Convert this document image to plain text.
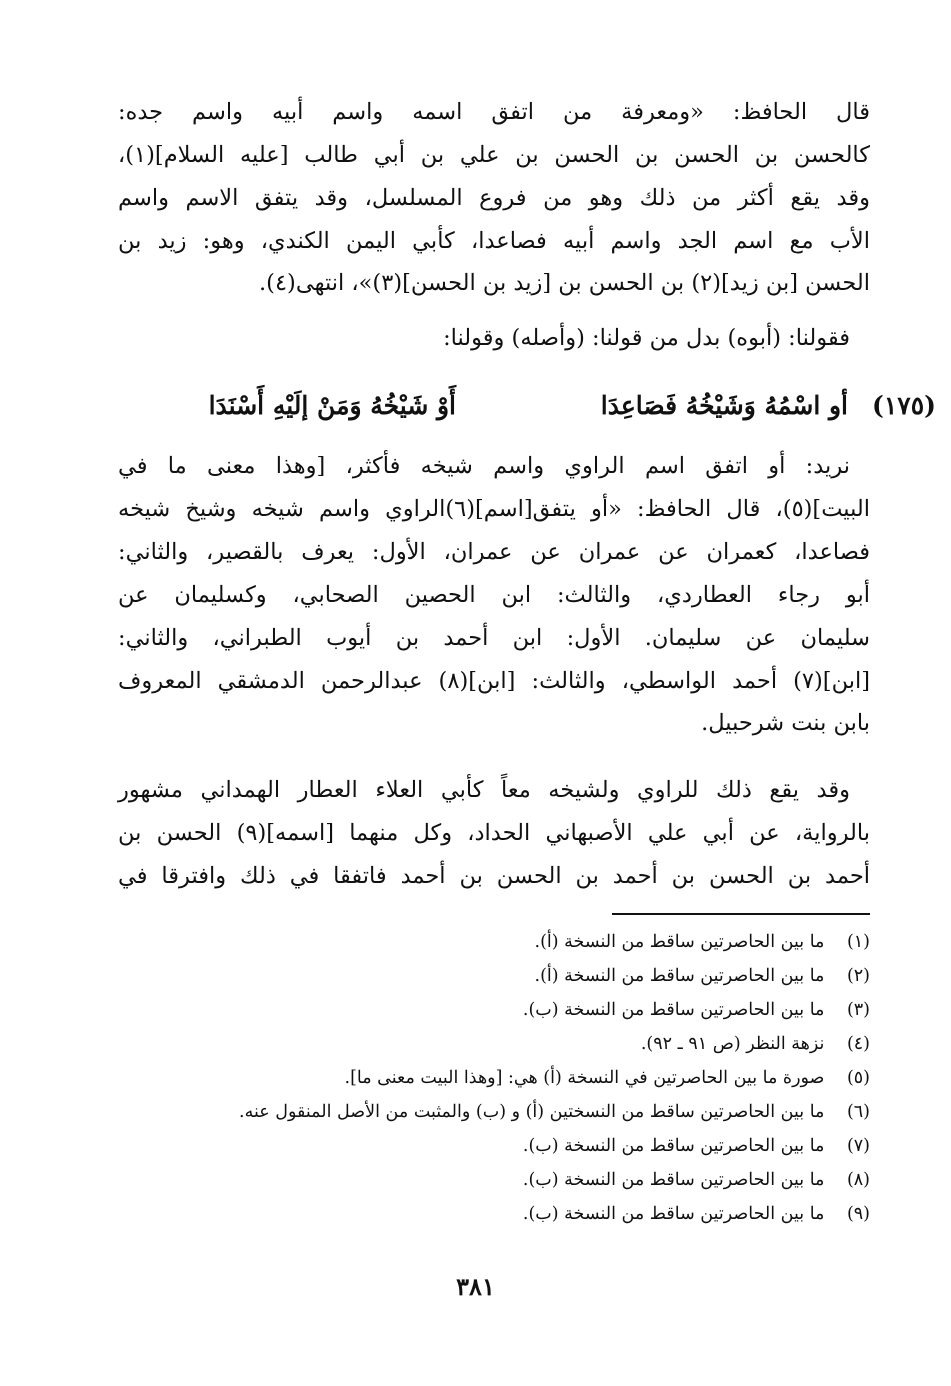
قال الحافظ: «ومعرفة من اتفق اسمه واسم أبيه واسم جده:
كالحسن بن الحسن بن الحسن بن علي بن أبي طالب [عليه السلام](١)،
وقد يقع أكثر من ذلك وهو من فروع المسلسل، وقد يتفق الاسم واسم
الأب مع اسم الجد واسم أبيه فصاعدا، كأبي اليمن الكندي، وهو: زيد بن
الحسن [بن زيد](٢) بن الحسن بن [زيد بن الحسن](٣)»، انتهى(٤).
فقولنا: (أبوه) بدل من قولنا: (وأصله) وقولنا:
(١٧٥)
أو اسْمُهُ وَشَيْخُهُ فَصَاعِدَا
أَوْ شَيْخُهُ وَمَنْ إلَيْهِ أَسْنَدَا
نريد: أو اتفق اسم الراوي واسم شيخه فأكثر، [وهذا معنى ما في
البيت](٥)، قال الحافظ: «أو يتفق[اسم](٦)الراوي واسم شيخه وشيخ شيخه
فصاعدا، كعمران عن عمران عن عمران، الأول: يعرف بالقصير، والثاني:
أبو رجاء العطاردي، والثالث: ابن الحصين الصحابي، وكسليمان عن
سليمان عن سليمان. الأول: ابن أحمد بن أيوب الطبراني، والثاني:
[ابن](٧) أحمد الواسطي، والثالث: [ابن](٨) عبدالرحمن الدمشقي المعروف
بابن بنت شرحبيل.
وقد يقع ذلك للراوي ولشيخه معاً كأبي العلاء العطار الهمداني مشهور
بالرواية، عن أبي علي الأصبهاني الحداد، وكل منهما [اسمه](٩) الحسن بن
أحمد بن الحسن بن أحمد بن الحسن بن أحمد فاتفقا في ذلك وافترقا في
(١) ما بين الحاصرتين ساقط من النسخة (أ).
(٢) ما بين الحاصرتين ساقط من النسخة (أ).
(٣) ما بين الحاصرتين ساقط من النسخة (ب).
(٤) نزهة النظر (ص ٩١ ـ ٩٢).
(٥) صورة ما بين الحاصرتين في النسخة (أ) هي: [وهذا البيت معنى ما].
(٦) ما بين الحاصرتين ساقط من النسختين (أ) و (ب) والمثبت من الأصل المنقول عنه.
(٧) ما بين الحاصرتين ساقط من النسخة (ب).
(٨) ما بين الحاصرتين ساقط من النسخة (ب).
(٩) ما بين الحاصرتين ساقط من النسخة (ب).
٣٨١
